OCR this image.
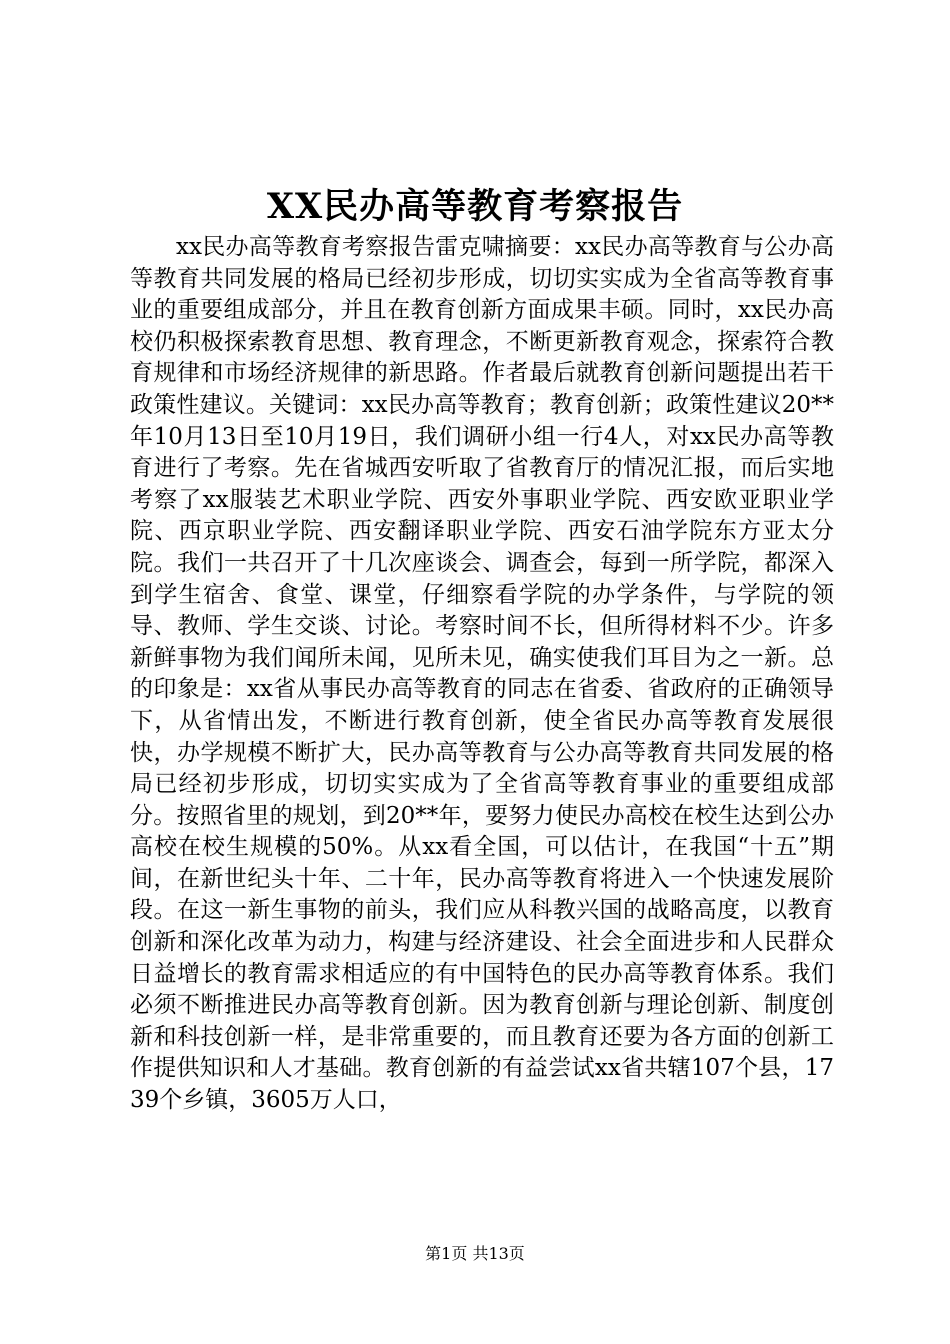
XX民办高等教育考察报告

xx民办高等教育考察报告雷克啸摘要：xx民办高等教育与公办高等教育共同发展的格局已经初步形成，切切实实成为全省高等教育事业的重要组成部分，并且在教育创新方面成果丰硕。同时，xx民办高校仍积极探索教育思想、教育理念，不断更新教育观念，探索符合教育规律和市场经济规律的新思路。作者最后就教育创新问题提出若干政策性建议。关键词：xx民办高等教育；教育创新；政策性建议20**年10月13日至10月19日，我们调研小组一行4人，对xx民办高等教育进行了考察。先在省城西安听取了省教育厅的情况汇报，而后实地考察了xx服装艺术职业学院、西安外事职业学院、西安欧亚职业学院、西京职业学院、西安翻译职业学院、西安石油学院东方亚太分院。我们一共召开了十几次座谈会、调查会，每到一所学院，都深入到学生宿舍、食堂、课堂，仔细察看学院的办学条件，与学院的领导、教师、学生交谈、讨论。考察时间不长，但所得材料不少。许多新鲜事物为我们闻所未闻，见所未见，确实使我们耳目为之一新。总的印象是：xx省从事民办高等教育的同志在省委、省政府的正确领导下，从省情出发，不断进行教育创新，使全省民办高等教育发展很快，办学规模不断扩大，民办高等教育与公办高等教育共同发展的格局已经初步形成，切切实实成为了全省高等教育事业的重要组成部分。按照省里的规划，到20**年，要努力使民办高校在校生达到公办高校在校生规模的50%。从xx看全国，可以估计，在我国“十五”期间，在新世纪头十年、二十年，民办高等教育将进入一个快速发展阶段。在这一新生事物的前头，我们应从科教兴国的战略高度，以教育创新和深化改革为动力，构建与经济建设、社会全面进步和人民群众日益增长的教育需求相适应的有中国特色的民办高等教育体系。我们必须不断推进民办高等教育创新。因为教育创新与理论创新、制度创新和科技创新一样，是非常重要的，而且教育还要为各方面的创新工作提供知识和人才基础。教育创新的有益尝试xx省共辖107个县，1739个乡镇，3605万人口，

第1页 共13页
